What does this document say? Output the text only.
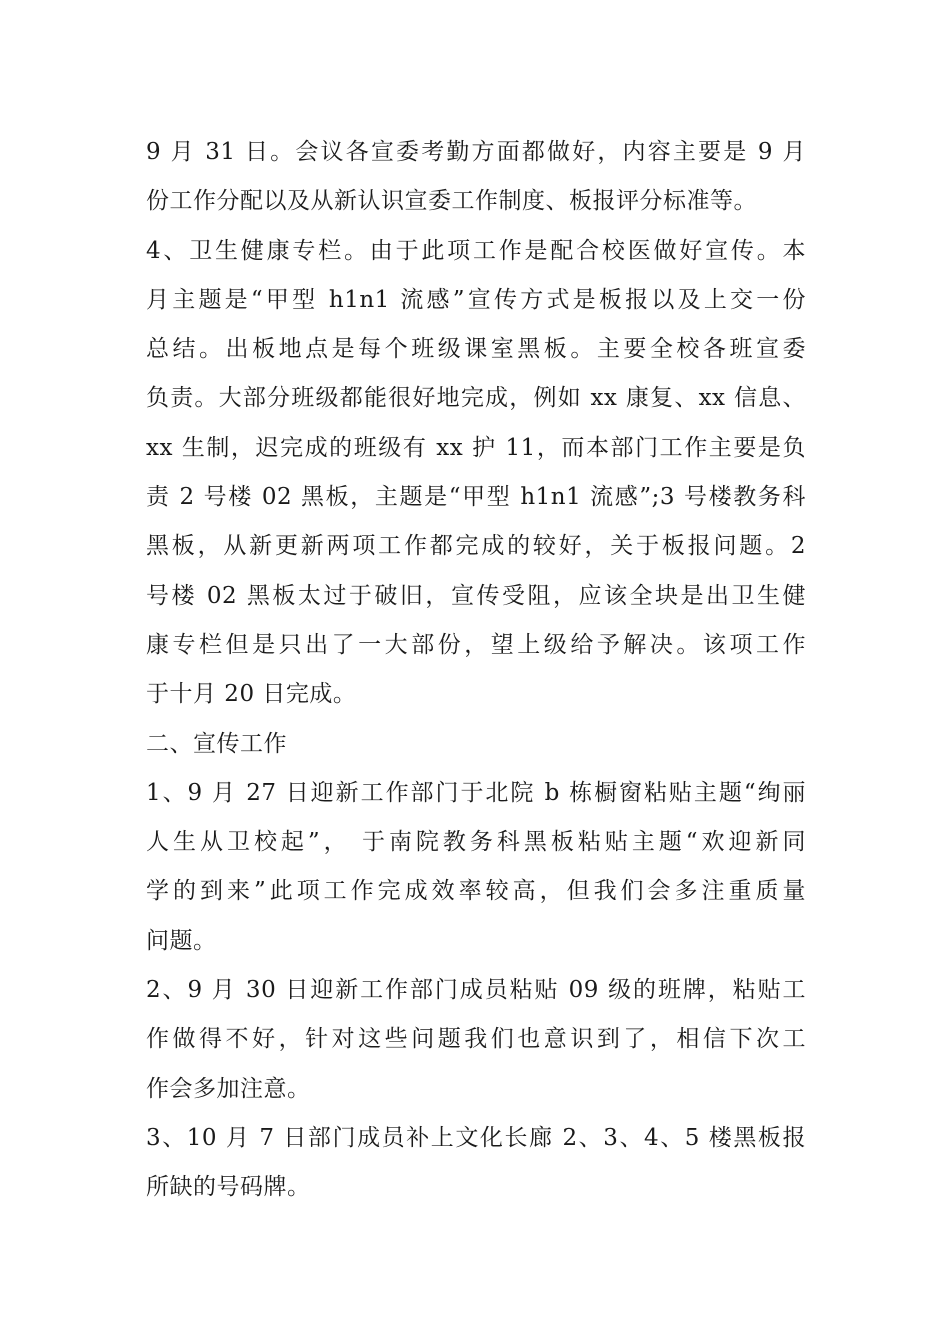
9 月 31 日。会议各宣委考勤方面都做好，内容主要是 9 月
份工作分配以及从新认识宣委工作制度、板报评分标准等。
4、卫生健康专栏。由于此项工作是配合校医做好宣传。本
月主题是“甲型 h1n1 流感”宣传方式是板报以及上交一份
总结。出板地点是每个班级课室黑板。主要全校各班宣委
负责。大部分班级都能很好地完成，例如 xx 康复、xx 信息、
xx 生制，迟完成的班级有 xx 护 11，而本部门工作主要是负
责 2 号楼 02 黑板，主题是“甲型 h1n1 流感”;3 号楼教务科
黑板，从新更新两项工作都完成的较好，关于板报问题。2
号楼 02 黑板太过于破旧，宣传受阻，应该全块是出卫生健
康专栏但是只出了一大部份，望上级给予解决。该项工作
于十月 20 日完成。
二、宣传工作
1、9 月 27 日迎新工作部门于北院 b 栋橱窗粘贴主题“绚丽
人生从卫校起”， 于南院教务科黑板粘贴主题“欢迎新同
学的到来”此项工作完成效率较高，但我们会多注重质量
问题。
2、9 月 30 日迎新工作部门成员粘贴 09 级的班牌，粘贴工
作做得不好，针对这些问题我们也意识到了，相信下次工
作会多加注意。
3、10 月 7 日部门成员补上文化长廊 2、3、4、5 楼黑板报
所缺的号码牌。
